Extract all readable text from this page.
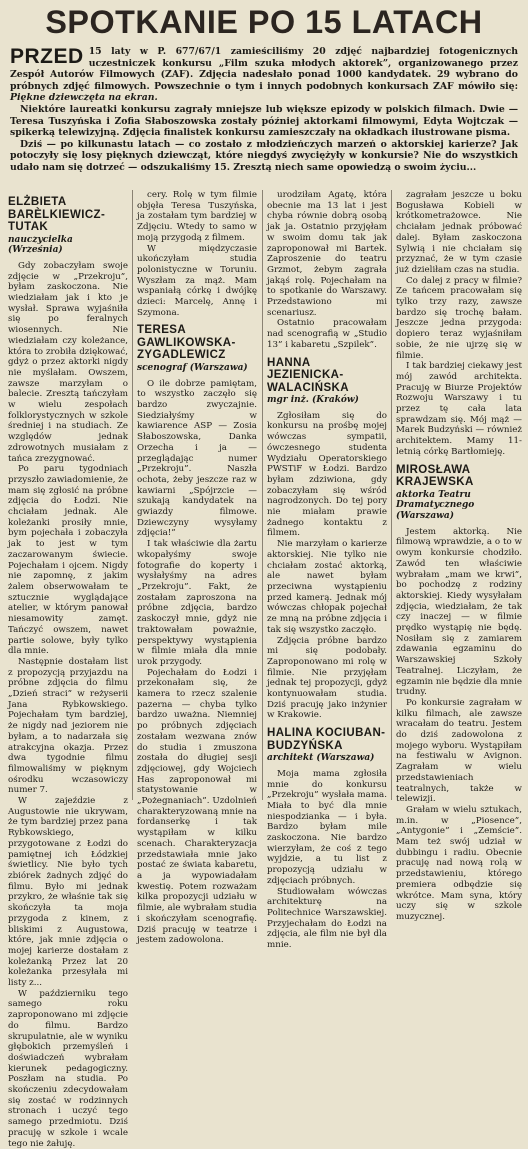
SPOTKANIE PO 15 LATACH
PRZED 15 laty w P. 677/67/1 zamieściliśmy 20 zdjęć najbardziej fotogenicznych uczestniczek konkursu „Film szuka młodych aktorek”, organizowanego przez Zespół Autorów Filmowych (ZAF). Zdjęcia nadesłało ponad 1000 kandydatek. 29 wybrano do próbnych zdjęć filmowych. Powszechnie o tym i innych podobnych konkursach ZAF mówiło się: Piękne dziewczęta na ekran.

Niektóre laureatki konkursu zagrały mniejsze lub większe epizody w polskich filmach. Dwie — Teresa Tuszyńska i Zofia Słaboszowska zostały później aktorkami filmowymi, Edyta Wojtczak — spikerką telewizyjną. Zdjęcia finalistek konkursu zamieszczały na okładkach ilustrowane pisma.

Dziś — po kilkunastu latach — co zostało z młodzieńczych marzeń o aktorskiej karierze? Jak potoczyły się losy pięknych dziewcząt, które niegdyś zwyciężyły w konkursie? Nie do wszystkich udało nam się dotrzeć — odszukaliśmy 15. Zresztą niech same opowiedzą o swoim życiu...

ELŻBIETA BARÈLKIEWICZ-TUTAK
nauczycielka (Września)

Gdy zobaczyłam swoje zdjęcie w „Przekroju”, byłam zaskoczona. Nie wiedziałam jak i kto je wysłał. Sprawa wyjaśniła się po feralnych wiosennych. Nie wiedziałam czy koleżance, która to zrobiła dziękować, gdyż o przez aktorki nigdy nie myślałam. Owszem, zawsze marzyłam o balecie. Zresztą tańczyłam w wielu zespołach folklorystycznych w szkole średniej i na studiach. Ze względów jednak zdrowotnych musiałam z tańca zrezygnować.

Po paru tygodniach przyszło zawiadomienie, że mam się zgłosić na próbne zdjęcia do Łodzi. Nie chciałam jednak. Ale koleżanki prosiły mnie, bym pojechała i zobaczyła jak to jest w tym zaczarowanym świecie. Pojechałam i ojcem. Nigdy nie zapomnę, z jakim żalem obserwowałam te sztucznie wyglądające atelier, w którym panował niesamowity zamęt. Tańczyć owszem, nawet partie solowe, były tylko dla mnie.

Następnie dostałam list z propozycją przyjazdu na próbne zdjęcia do filmu „Dzień straci” w reżyserii Jana Rybkowskiego. Pojechałam tym bardziej, że nigdy nad jeziorem nie byłam, a to nadarzała się atrakcyjna okazja. Przez dwa tygodnie filmu filmowaliśmy w pięknym ośrodku wczasowiczy numer 7.

W zajeździe z Augustowie nie ukrywam, że tym bardziej przez pana Rybkowskiego, przygotowane z Łodzi do pamiętnej ich Łódzkiej świetlicy. Nie było tych zbiórek żadnych zdjęć do filmu. Było mi jednak przykro, że właśnie tak się skończyła ta moja przygoda z kinem, z bliskimi z Augustowa, które, jak mnie zdjęcia o mojej karierze dostałam z koleżanką Przez lat 20 koleżanka przesyłała mi listy z...

W październiku tego samego roku zaproponowano mi zdjęcie do filmu. Bardzo skrupulatnie, ale w wyniku głębokich przemyśleń i doświadczeń wybrałam kierunek pedagogiczny. Poszłam na studia. Po skończeniu zdecydowałam się zostać w rodzinnych stronach i uczyć tego samego przedmiotu. Dziś pracuję w szkole i wcale tego nie żałuję.

cery. Rolę w tym filmie objęła Teresa Tuszyńska, ja zostałam tym bardziej w Zdjęciu. Wtedy to samo w moją przygodą z filmem.

W międzyczasie ukończyłam studia polonistyczne w Toruniu. Wyszłam za mąż. Mam wspaniałą córkę i dwójkę dzieci: Marcelę, Annę i Szymona.

TERESA GAWLIKOWSKA-ZYGADLEWICZ
scenograf (Warszawa)

O ile dobrze pamiętam, to wszystko zaczęło się bardzo zwyczajnie. Siedziałyśmy w kawiarence ASP — Zosia Słaboszowska, Danka Orzecha i ja — przeglądając numer „Przekroju”. Naszła ochota, żeby jeszcze raz w kawiarni „Spójrzcie — szukają kandydatek na gwiazdy filmowe. Dziewczyny wysyłamy zdjęcia!”

I tak właściwie dla żartu wkopałyśmy swoje fotografie do koperty i wysłałyśmy na adres „Przekroju”. Fakt, że zostałam zaproszona na próbne zdjęcia, bardzo zaskoczył mnie, gdyż nie traktowałam poważnie, perspektywy wystąpienia w filmie miała dla mnie urok przygody.

Pojechałam do Łodzi i przekonałam się, że kamera to rzecz szalenie pazerna — chyba tylko bardzo uważna. Niemniej po próbnych zdjęciach zostałam wezwana znów do studia i zmuszona została do długiej sesji zdjęciowej, gdy Wojciech Has zaproponował mi statystowanie w „Pożegnaniach”. Uzdolnień charakteryzowaną mnie na fordanserkę i tak wystąpiłam w kilku scenach. Charakteryzacja przedstawiała mnie jako postać ze świata kabaretu, a ja wypowiadałam kwestię. Potem rozważam kilka propozycji udziału w filmie, ale wybrałam studia i skończyłam scenografię. Dziś pracuję w teatrze i jestem zadowolona.

urodziłam Agatę, która obecnie ma 13 lat i jest chyba równie dobrą osobą jak ja. Ostatnio przyjęłam w swoim domu tak jak zaproponował mi Bartek. Zaproszenie do teatru Grzmot, żebym zagrała jakąś rolę. Pojechałam na to spotkanie do Warszawy. Przedstawiono mi scenariusz.

Ostatnio pracowałam nad scenografią w „Studio 13” i kabaretu „Szpilek”.

HANNA JEZIENICKA-WALACIŃSKA
mgr inż. (Kraków)

Zgłosiłam się do konkursu na prośbę mojej wówczas sympatii, ówczesnego studenta Wydziału Operatorskiego PWSTiF w Łodzi. Bardzo byłam zdziwiona, gdy zobaczyłam się wśród nagrodzonych. Do tej pory nie miałam prawie żadnego kontaktu z filmem.

Nie marzyłam o karierze aktorskiej. Nie tylko nie chciałam zostać aktorką, ale nawet byłam przeciwna wystąpieniu przed kamerą. Jednak mój wówczas chłopak pojechał ze mną na próbne zdjęcia i tak się wszystko zaczęło.

Zdjęcia próbne bardzo mi się podobały. Zaproponowano mi rolę w filmie. Nie przyjęłam jednak tej propozycji, gdyż kontynuowałam studia. Dziś pracuję jako inżynier w Krakowie.

HALINA KOCIUBAN-BUDZYŃSKA
architekt (Warszawa)

Moja mama zgłosiła mnie do konkursu „Przekroju” wysłała mama. Miała to być dla mnie niespodzianka — i była. Bardzo byłam mile zaskoczona. Nie bardzo wierzyłam, że coś z tego wyjdzie, a tu list z propozycją udziału w zdjęciach próbnych.

Studiowałam wówczas architekturę na Politechnice Warszawskiej. Przyjechałam do Łodzi na zdjęcia, ale film nie był dla mnie.

zagrałam jeszcze u boku Bogusława Kobieli w krótkometrażowce. Nie chciałam jednak próbować dalej. Byłam zaskoczona Sylwią i nie chciałam się przyznać, że w tym czasie już dzieliłam czas na studia.

Co dalej z pracy w filmie? Ze tańcem pracowałam się tylko trzy razy, zawsze bardzo się trochę bałam. Jeszcze jedna przygoda: dopiero teraz wyjaśniłam sobie, że nie ujrzę się w filmie.

I tak bardziej ciekawy jest mój zawód architekta. Pracuję w Biurze Projektów Rozwoju Warszawy i tu przez tę cała lata sprawdzam się. Mój mąż — Marek Budzyński — również architektem. Mamy 11-letnią córkę Bartłomieję.

MIROSŁAWA KRAJEWSKA
aktorka Teatru Dramatycznego (Warszawa)

Jestem aktorką. Nie filmową wprawdzie, a o to w owym konkursie chodziło. Zawód ten właściwie wybrałam „mam we krwi”, bo pochodzę z rodziny aktorskiej. Kiedy wysyłałam zdjęcia, wiedziałam, że tak czy inaczej — w filmie prędko wystąpię nie będę. Nosiłam się z zamiarem zdawania egzaminu do Warszawskiej Szkoły Teatralnej. Liczyłam, że egzamin nie będzie dla mnie trudny.

Po konkursie zagrałam w kilku filmach, ale zawsze wracałam do teatru. Jestem do dziś zadowolona z mojego wyboru. Wystąpiłam na festiwalu w Avignon. Zagrałam w wielu przedstawieniach teatralnych, także w telewizji.

Grałam w wielu sztukach, m.in. w „Piosence”, „Antygonie” i „Zemście”. Mam też swój udział w dubbingu i radiu. Obecnie pracuję nad nową rolą w przedstawieniu, którego premiera odbędzie się wkrótce. Mam syna, który uczy się w szkole muzycznej.
